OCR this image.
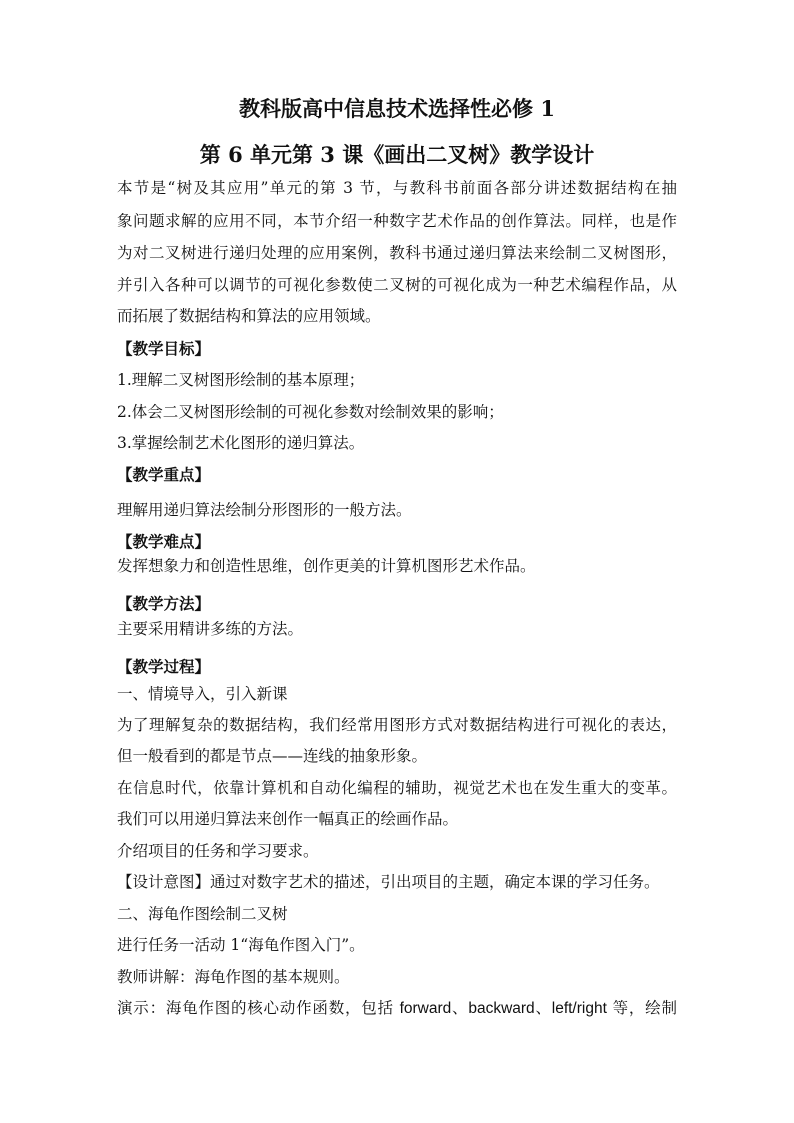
教科版高中信息技术选择性必修 1
第 6 单元第 3 课《画出二叉树》教学设计
本节是“树及其应用”单元的第 3 节，与教科书前面各部分讲述数据结构在抽
象问题求解的应用不同，本节介绍一种数字艺术作品的创作算法。同样，也是作
为对二叉树进行递归处理的应用案例，教科书通过递归算法来绘制二叉树图形，
并引入各种可以调节的可视化参数使二叉树的可视化成为一种艺术编程作品，从
而拓展了数据结构和算法的应用领域。
【教学目标】
1.理解二叉树图形绘制的基本原理；
2.体会二叉树图形绘制的可视化参数对绘制效果的影响；
3.掌握绘制艺术化图形的递归算法。
【教学重点】
理解用递归算法绘制分形图形的一般方法。
【教学难点】
发挥想象力和创造性思维，创作更美的计算机图形艺术作品。
【教学方法】
主要采用精讲多练的方法。
【教学过程】
一、情境导入，引入新课
为了理解复杂的数据结构，我们经常用图形方式对数据结构进行可视化的表达，
但一般看到的都是节点——连线的抽象形象。
在信息时代，依靠计算机和自动化编程的辅助，视觉艺术也在发生重大的变革。
我们可以用递归算法来创作一幅真正的绘画作品。
介绍项目的任务和学习要求。
【设计意图】通过对数字艺术的描述，引出项目的主题，确定本课的学习任务。
二、海龟作图绘制二叉树
进行任务一活动 1“海龟作图入门”。
教师讲解：海龟作图的基本规则。
演示：海龟作图的核心动作函数，包括 forward、backward、left/right 等，绘制
